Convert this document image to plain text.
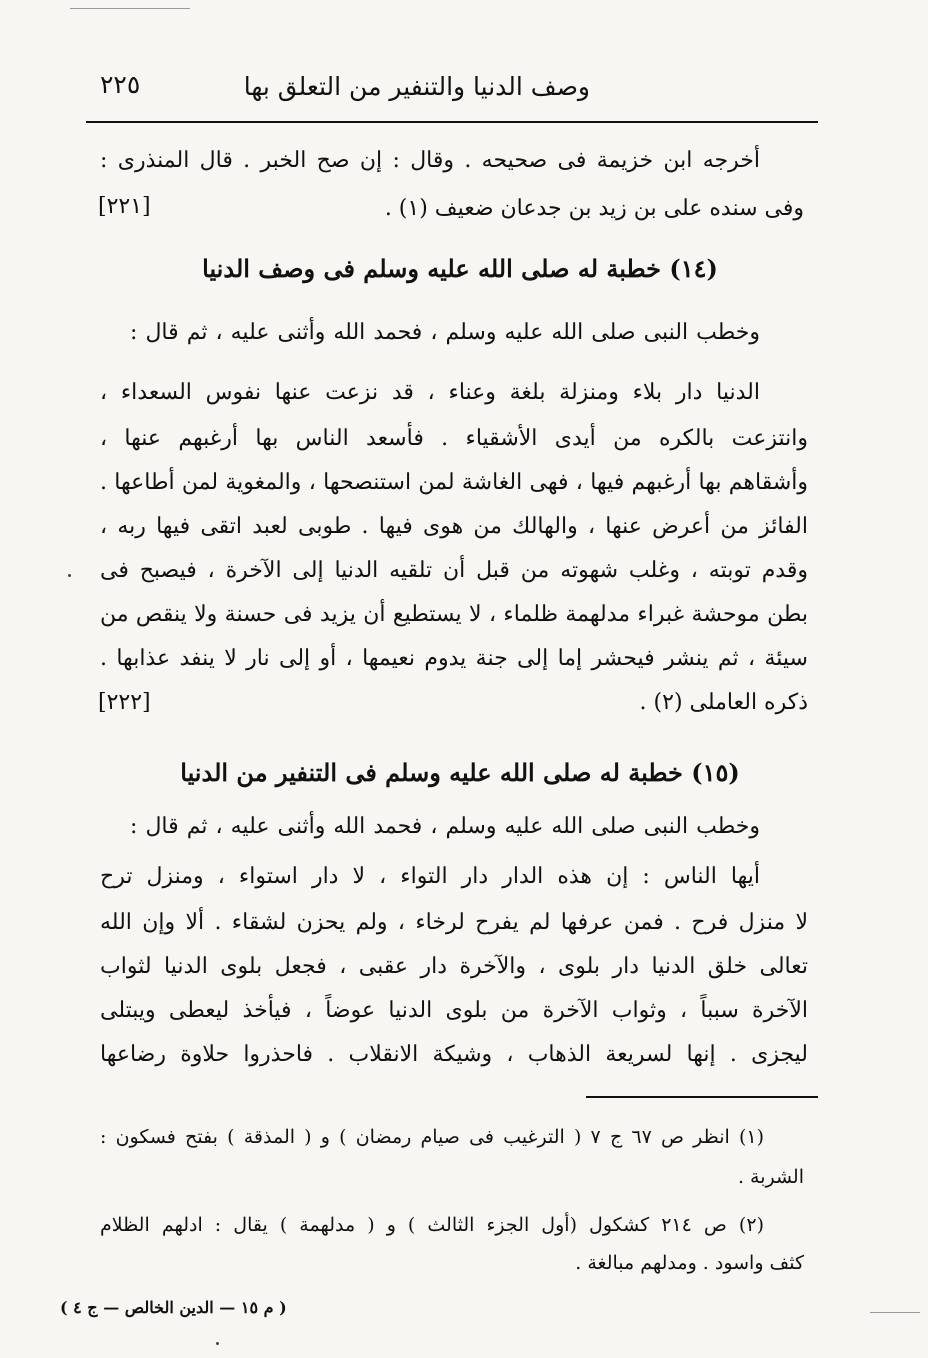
وصف الدنيا والتنفير من التعلق بها
٢٢٥
أخرجه ابن خزيمة فى صحيحه . وقال : إن صح الخبر . قال المنذرى :
وفى سنده على بن زيد بن جدعان ضعيف (١) .
[٢٢١]
(١٤) خطبة له صلى الله عليه وسلم فى وصف الدنيا
وخطب النبى صلى الله عليه وسلم ، فحمد الله وأثنى عليه ، ثم قال :
الدنيا دار بلاء ومنزلة بلغة وعناء ، قد نزعت عنها نفوس السعداء ،
وانتزعت بالكره من أيدى الأشقياء . فأسعد الناس بها أرغبهم عنها ،
وأشقاهم بها أرغبهم فيها ، فهى الغاشة لمن استنصحها ، والمغوية لمن أطاعها .
الفائز من أعرض عنها ، والهالك من هوى فيها . طوبى لعبد اتقى فيها ربه ،
وقدم توبته ، وغلب شهوته من قبل أن تلقيه الدنيا إلى الآخرة ، فيصبح فى
بطن موحشة غبراء مدلهمة ظلماء ، لا يستطيع أن يزيد فى حسنة ولا ينقص من
سيئة ، ثم ينشر فيحشر إما إلى جنة يدوم نعيمها ، أو إلى نار لا ينفد عذابها .
ذكره العاملى (٢) .
[٢٢٢]
(١٥) خطبة له صلى الله عليه وسلم فى التنفير من الدنيا
وخطب النبى صلى الله عليه وسلم ، فحمد الله وأثنى عليه ، ثم قال :
أيها الناس : إن هذه الدار دار التواء ، لا دار استواء ، ومنزل ترح
لا منزل فرح . فمن عرفها لم يفرح لرخاء ، ولم يحزن لشقاء . ألا وإن الله
تعالى خلق الدنيا دار بلوى ، والآخرة دار عقبى ، فجعل بلوى الدنيا لثواب
الآخرة سبباً ، وثواب الآخرة من بلوى الدنيا عوضاً ، فيأخذ ليعطى ويبتلى
ليجزى . إنها لسريعة الذهاب ، وشيكة الانقلاب . فاحذروا حلاوة رضاعها
(١) انظر ص ٦٧ ج ٧ ( الترغيب فى صيام رمضان ) و ( المذقة ) بفتح فسكون :
الشربة .
(٢) ص ٢١٤ كشكول (أول الجزء الثالث ) و ( مدلهمة ) يقال : ادلهم الظلام
كثف واسود . ومدلهم مبالغة .
( م ١٥ — الدين الخالص — ج ٤ )
